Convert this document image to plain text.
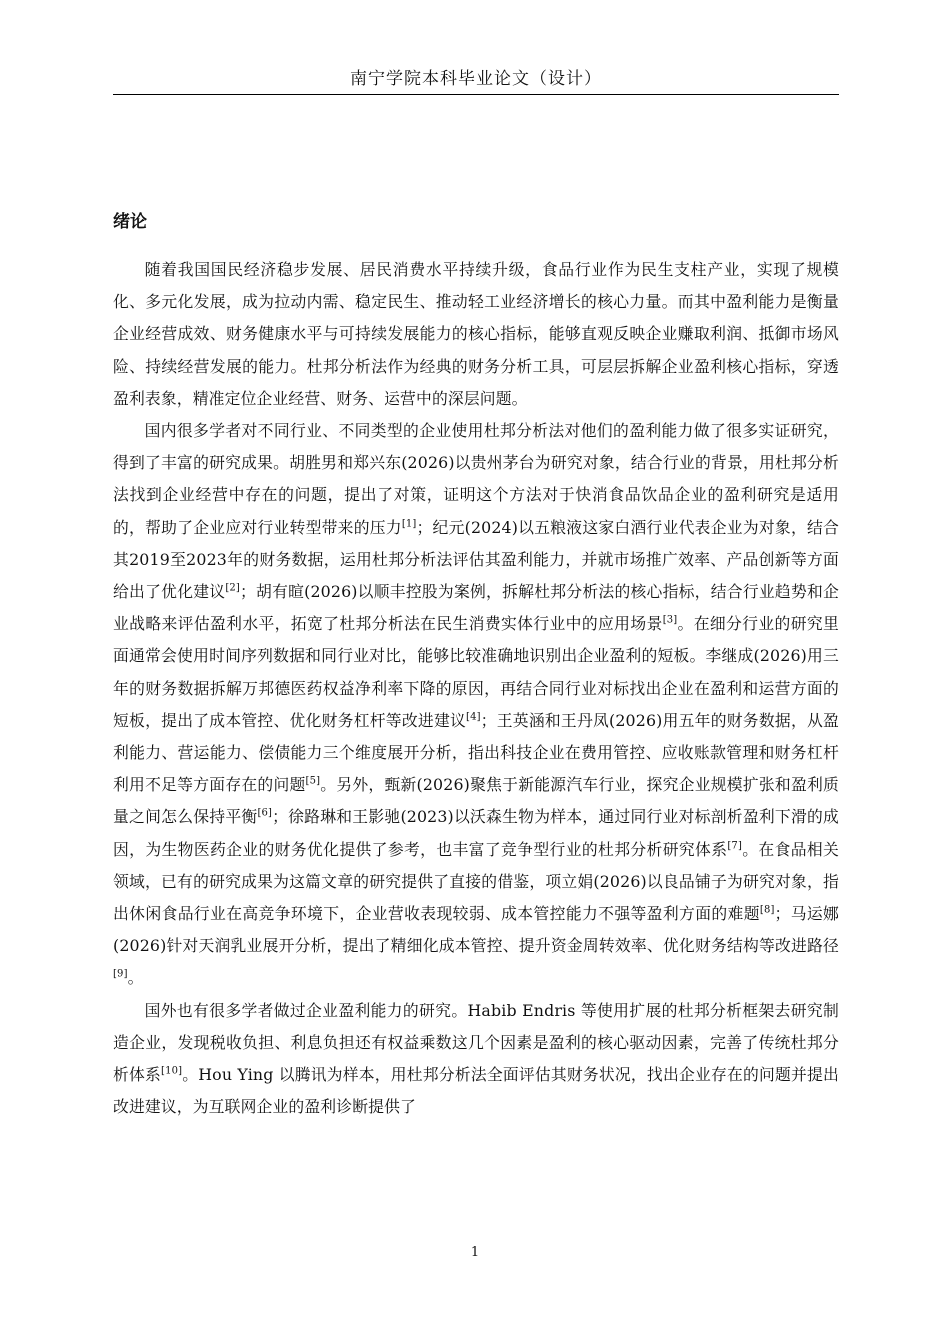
南宁学院本科毕业论文（设计）
绪论

随着我国国民经济稳步发展、居民消费水平持续升级，食品行业作为民生支柱产业，实现了规模化、多元化发展，成为拉动内需、稳定民生、推动轻工业经济增长的核心力量。而其中盈利能力是衡量企业经营成效、财务健康水平与可持续发展能力的核心指标，能够直观反映企业赚取利润、抵御市场风险、持续经营发展的能力。杜邦分析法作为经典的财务分析工具，可层层拆解企业盈利核心指标，穿透盈利表象，精准定位企业经营、财务、运营中的深层问题。

国内很多学者对不同行业、不同类型的企业使用杜邦分析法对他们的盈利能力做了很多实证研究，得到了丰富的研究成果。胡胜男和郑兴东(2026)以贵州茅台为研究对象，结合行业的背景，用杜邦分析法找到企业经营中存在的问题，提出了对策，证明这个方法对于快消食品饮品企业的盈利研究是适用的，帮助了企业应对行业转型带来的压力[1]；纪元(2024)以五粮液这家白酒行业代表企业为对象，结合其2019至2023年的财务数据，运用杜邦分析法评估其盈利能力，并就市场推广效率、产品创新等方面给出了优化建议[2]；胡有暄(2026)以顺丰控股为案例，拆解杜邦分析法的核心指标，结合行业趋势和企业战略来评估盈利水平，拓宽了杜邦分析法在民生消费实体行业中的应用场景[3]。在细分行业的研究里面通常会使用时间序列数据和同行业对比，能够比较准确地识别出企业盈利的短板。李继成(2026)用三年的财务数据拆解万邦德医药权益净利率下降的原因，再结合同行业对标找出企业在盈利和运营方面的短板，提出了成本管控、优化财务杠杆等改进建议[4]；王英涵和王丹凤(2026)用五年的财务数据，从盈利能力、营运能力、偿债能力三个维度展开分析，指出科技企业在费用管控、应收账款管理和财务杠杆利用不足等方面存在的问题[5]。另外，甄新(2026)聚焦于新能源汽车行业，探究企业规模扩张和盈利质量之间怎么保持平衡[6]；徐路琳和王影驰(2023)以沃森生物为样本，通过同行业对标剖析盈利下滑的成因，为生物医药企业的财务优化提供了参考，也丰富了竞争型行业的杜邦分析研究体系[7]。在食品相关领域，已有的研究成果为这篇文章的研究提供了直接的借鉴，项立娟(2026)以良品铺子为研究对象，指出休闲食品行业在高竞争环境下，企业营收表现较弱、成本管控能力不强等盈利方面的难题[8]；马运娜(2026)针对天润乳业展开分析，提出了精细化成本管控、提升资金周转效率、优化财务结构等改进路径[9]。

国外也有很多学者做过企业盈利能力的研究。Habib Endris 等使用扩展的杜邦分析框架去研究制造企业，发现税收负担、利息负担还有权益乘数这几个因素是盈利的核心驱动因素，完善了传统杜邦分析体系[10]。Hou Ying 以腾讯为样本，用杜邦分析法全面评估其财务状况，找出企业存在的问题并提出改进建议，为互联网企业的盈利诊断提供了

1
